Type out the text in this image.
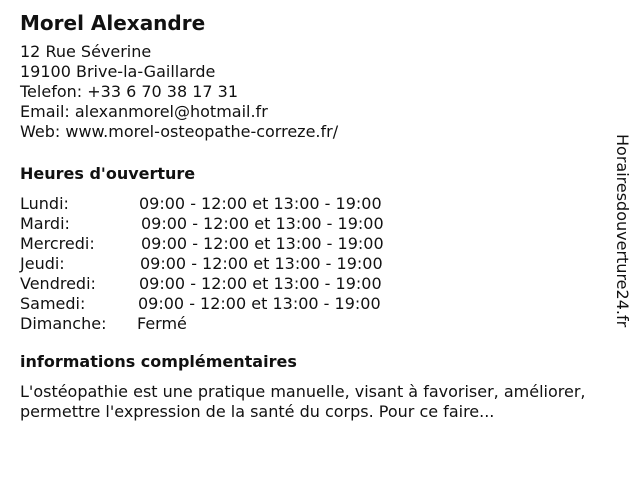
Morel Alexandre
12 Rue Séverine
19100 Brive-la-Gaillarde
Telefon: +33 6 70 38 17 31
Email: alexanmorel@hotmail.fr
Web: www.morel-osteopathe-correze.fr/
Heures d'ouverture
Lundi:	09:00 - 12:00 et 13:00 - 19:00
Mardi:	09:00 - 12:00 et 13:00 - 19:00
Mercredi:	09:00 - 12:00 et 13:00 - 19:00
Jeudi:	09:00 - 12:00 et 13:00 - 19:00
Vendredi:	09:00 - 12:00 et 13:00 - 19:00
Samedi:	09:00 - 12:00 et 13:00 - 19:00
Dimanche: Fermé
informations complémentaires
L'ostéopathie est une pratique manuelle, visant à favoriser, améliorer, permettre l'expression de la santé du corps. Pour ce faire...
Horairesdouverture24.fr
